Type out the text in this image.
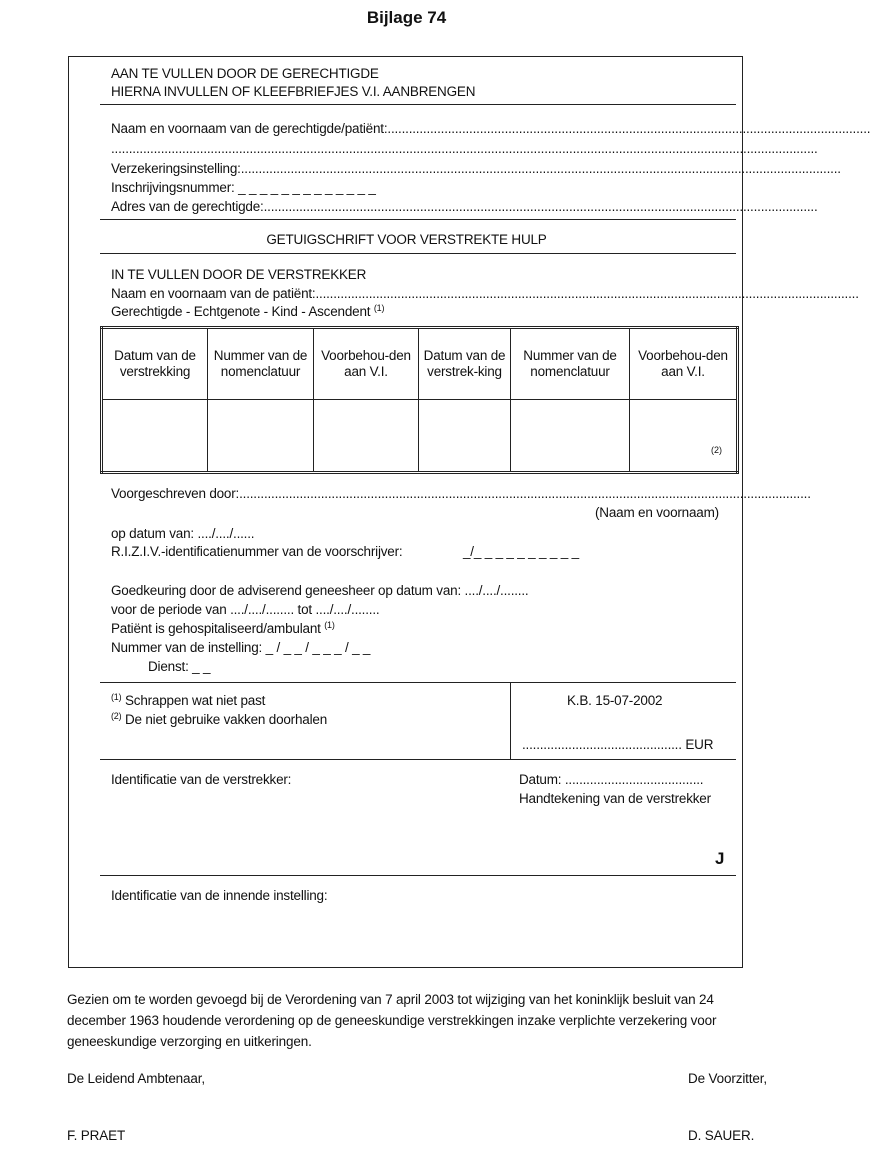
Bijlage 74
AAN TE VULLEN DOOR DE GERECHTIGDE
HIERNA INVULLEN OF KLEEFBRIEFJES V.I. AANBRENGEN
Naam en voornaam van de gerechtigde/patiënt:........................................................................................................................................
.......................................................................................................................................................................................................
Verzekeringsinstelling:.........................................................................................................................................................................
Inschrijvingsnummer: _ _ _ _ _ _ _ _ _ _ _ _ _
Adres van de gerechtigde:............................................................................................................................................................
GETUIGSCHRIFT VOOR VERSTREKTE HULP
IN TE VULLEN DOOR DE VERSTREKKER
Naam en voornaam van de patiënt:.........................................................................................................................................................
Gerechtigde - Echtgenote - Kind - Ascendent $^{(1)}$
Datum van de verstrekking	Nummer van de nomenclatuur	Voorbehou-den aan V.I.	Datum van de verstrek-king	Nummer van de nomenclatuur	Voorbehou-den aan V.I.

					(2)
Voorgeschreven door:.................................................................................................................................................................
(Naam en voornaam)
op datum van: ..../..../......
R.I.Z.I.V.-identificatienummer van de voorschrijver:	_/_ _ _ _ _ _ _ _ _ _
Goedkeuring door de adviserend geneesheer op datum van: ..../..../........
voor de periode van ..../..../........ tot ..../..../........
Patiënt is gehospitaliseerd/ambulant $^{(1)}$
Nummer van de instelling: _ / _ _ / _ _ _ / _ _
Dienst: _ _
$^{(1)}$ Schrappen wat niet past
$^{(2)}$ De niet gebruike vakken doorhalen
K.B. 15-07-2002
............................................. EUR
Identificatie van de verstrekker:	Datum: .......................................
Handtekening van de verstrekker
J
Identificatie van de innende instelling:
Gezien om te worden gevoegd bij de Verordening van 7 april 2003 tot wijziging van het koninklijk besluit van 24
december 1963 houdende verordening op de geneeskundige verstrekkingen inzake verplichte verzekering voor
geneeskundige verzorging en uitkeringen.
De Leidend Ambtenaar,	De Voorzitter,
F. PRAET	D. SAUER.
